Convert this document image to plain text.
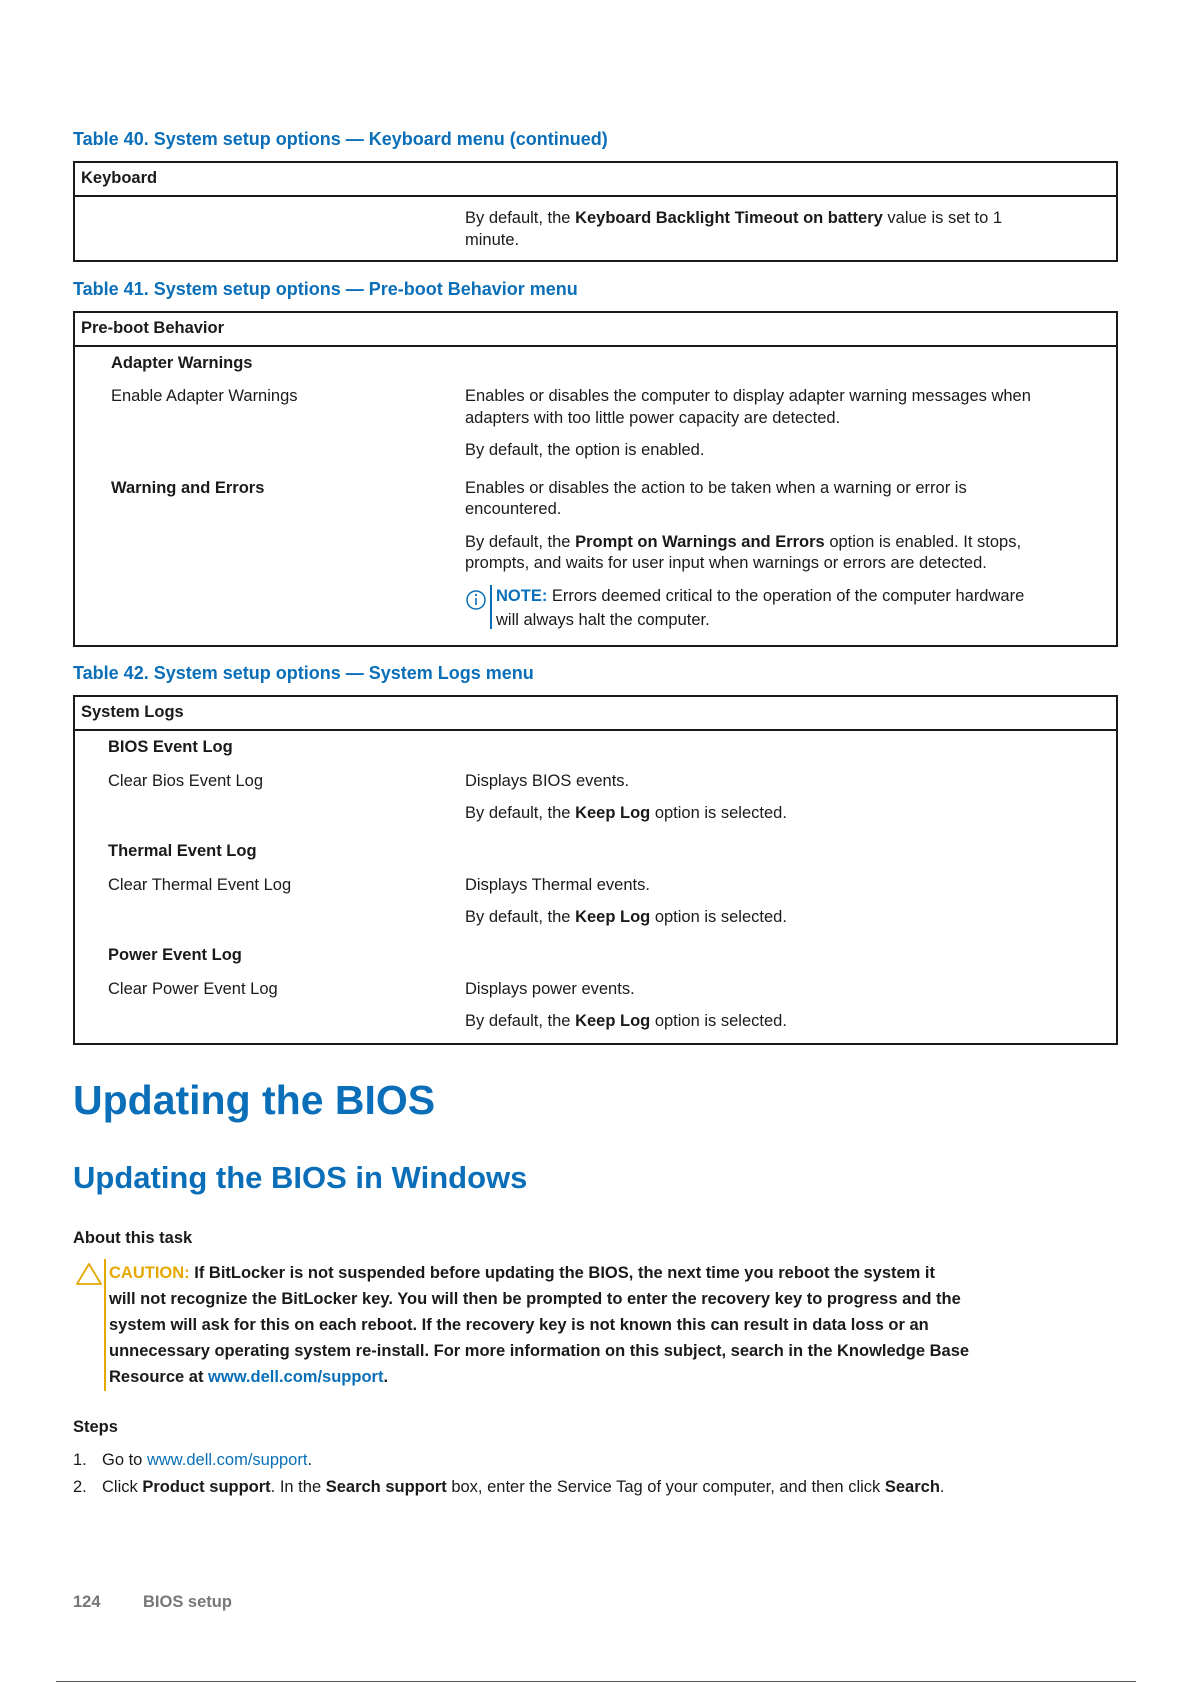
Table 40. System setup options — Keyboard menu (continued)
Keyboard
By default, the Keyboard Backlight Timeout on battery value is set to 1
minute.
Table 41. System setup options — Pre-boot Behavior menu
Pre-boot Behavior
Adapter Warnings
Enable Adapter Warnings	Enables or disables the computer to display adapter warning messages when
adapters with too little power capacity are detected.
By default, the option is enabled.
Warning and Errors	Enables or disables the action to be taken when a warning or error is
encountered.
By default, the Prompt on Warnings and Errors option is enabled. It stops,
prompts, and waits for user input when warnings or errors are detected.
NOTE: Errors deemed critical to the operation of the computer hardware
will always halt the computer.
Table 42. System setup options — System Logs menu
System Logs
BIOS Event Log
Clear Bios Event Log	Displays BIOS events.
By default, the Keep Log option is selected.
Thermal Event Log
Clear Thermal Event Log	Displays Thermal events.
By default, the Keep Log option is selected.
Power Event Log
Clear Power Event Log	Displays power events.
By default, the Keep Log option is selected.
Updating the BIOS
Updating the BIOS in Windows
About this task
CAUTION: If BitLocker is not suspended before updating the BIOS, the next time you reboot the system it
will not recognize the BitLocker key. You will then be prompted to enter the recovery key to progress and the
system will ask for this on each reboot. If the recovery key is not known this can result in data loss or an
unnecessary operating system re-install. For more information on this subject, search in the Knowledge Base
Resource at www.dell.com/support.
Steps
1. Go to www.dell.com/support.
2. Click Product support. In the Search support box, enter the Service Tag of your computer, and then click Search.
124	BIOS setup
